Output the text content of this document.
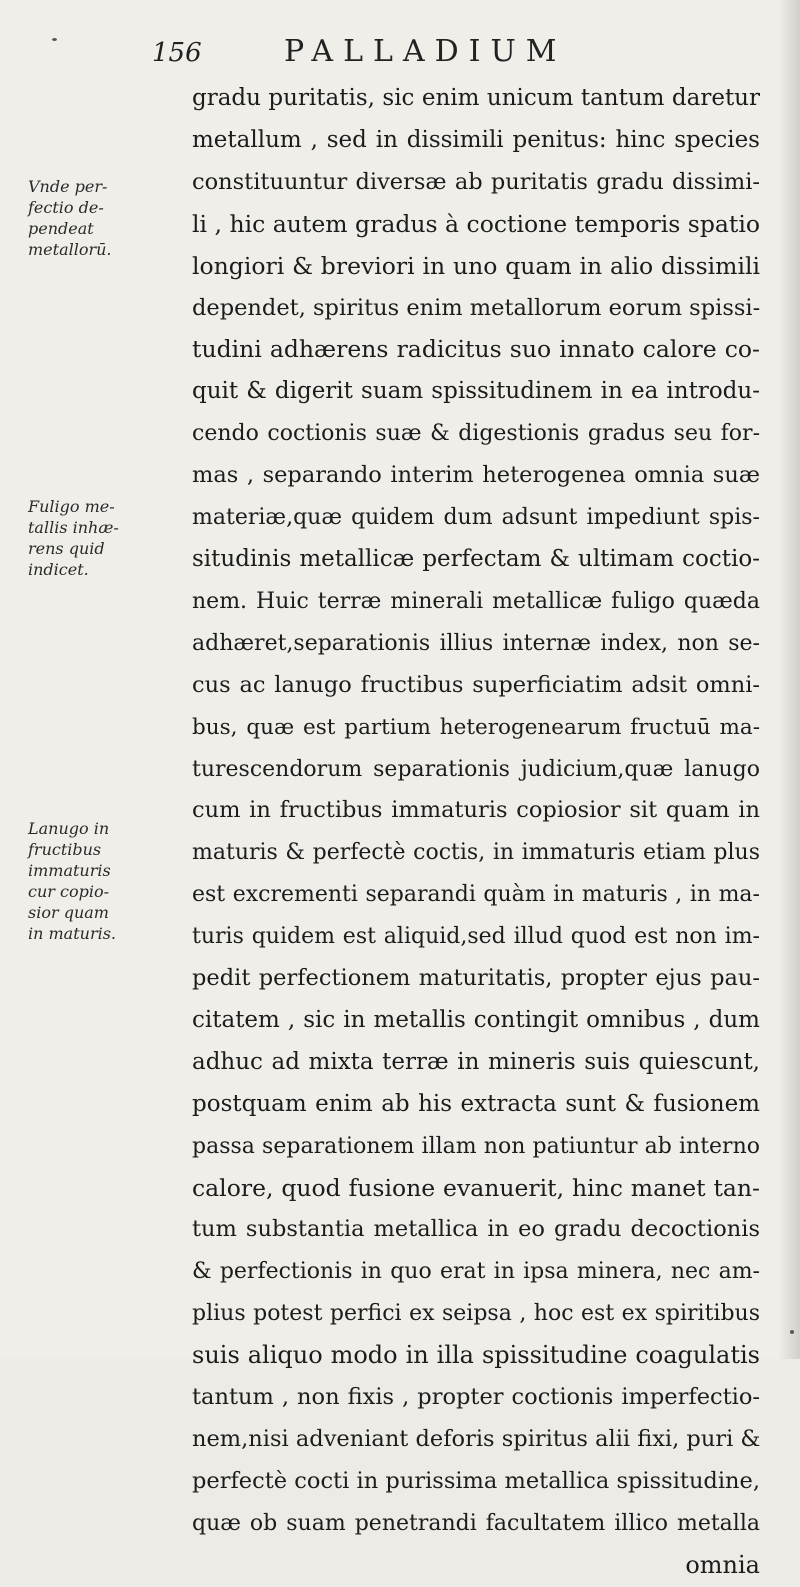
156	PALLADIUM
Vnde per-
fectio de-
pendeat
metallorū.
Fuligo me-
tallis inhæ-
rens quid
indicet.
Lanugo in
fructibus
immaturis
cur copio-
sior quam
in maturis.
gradu puritatis, sic enim unicum tantum daretur
metallum , sed in dissimili penitus: hinc species
constituuntur diversæ ab puritatis gradu dissimi-
li , hic autem gradus à coctione temporis spatio
longiori & breviori in uno quam in alio dissimili
dependet, spiritus enim metallorum eorum spissi-
tudini adhærens radicitus suo innato calore co-
quit & digerit suam spissitudinem in ea introdu-
cendo coctionis suæ & digestionis gradus seu for-
mas , separando interim heterogenea omnia suæ
materiæ,quæ quidem dum adsunt impediunt spis-
situdinis metallicæ perfectam & ultimam coctio-
nem. Huic terræ minerali metallicæ fuligo quæda
adhæret,separationis illius internæ index, non se-
cus ac lanugo fructibus superficiatim adsit omni-
bus, quæ est partium heterogenearum fructuū ma-
turescendorum separationis judicium,quæ lanugo
cum in fructibus immaturis copiosior sit quam in
maturis & perfectè coctis, in immaturis etiam plus
est excrementi separandi quàm in maturis , in ma-
turis quidem est aliquid,sed illud quod est non im-
pedit perfectionem maturitatis, propter ejus pau-
citatem , sic in metallis contingit omnibus , dum
adhuc ad mixta terræ in mineris suis quiescunt,
postquam enim ab his extracta sunt & fusionem
passa separationem illam non patiuntur ab interno
calore, quod fusione evanuerit, hinc manet tan-
tum substantia metallica in eo gradu decoctionis
& perfectionis in quo erat in ipsa minera, nec am-
plius potest perfici ex seipsa , hoc est ex spiritibus
suis aliquo modo in illa spissitudine coagulatis
tantum , non fixis , propter coctionis imperfectio-
nem,nisi adveniant deforis spiritus alii fixi, puri &
perfectè cocti in purissima metallica spissitudine,
quæ ob suam penetrandi facultatem illico metalla
omnia
